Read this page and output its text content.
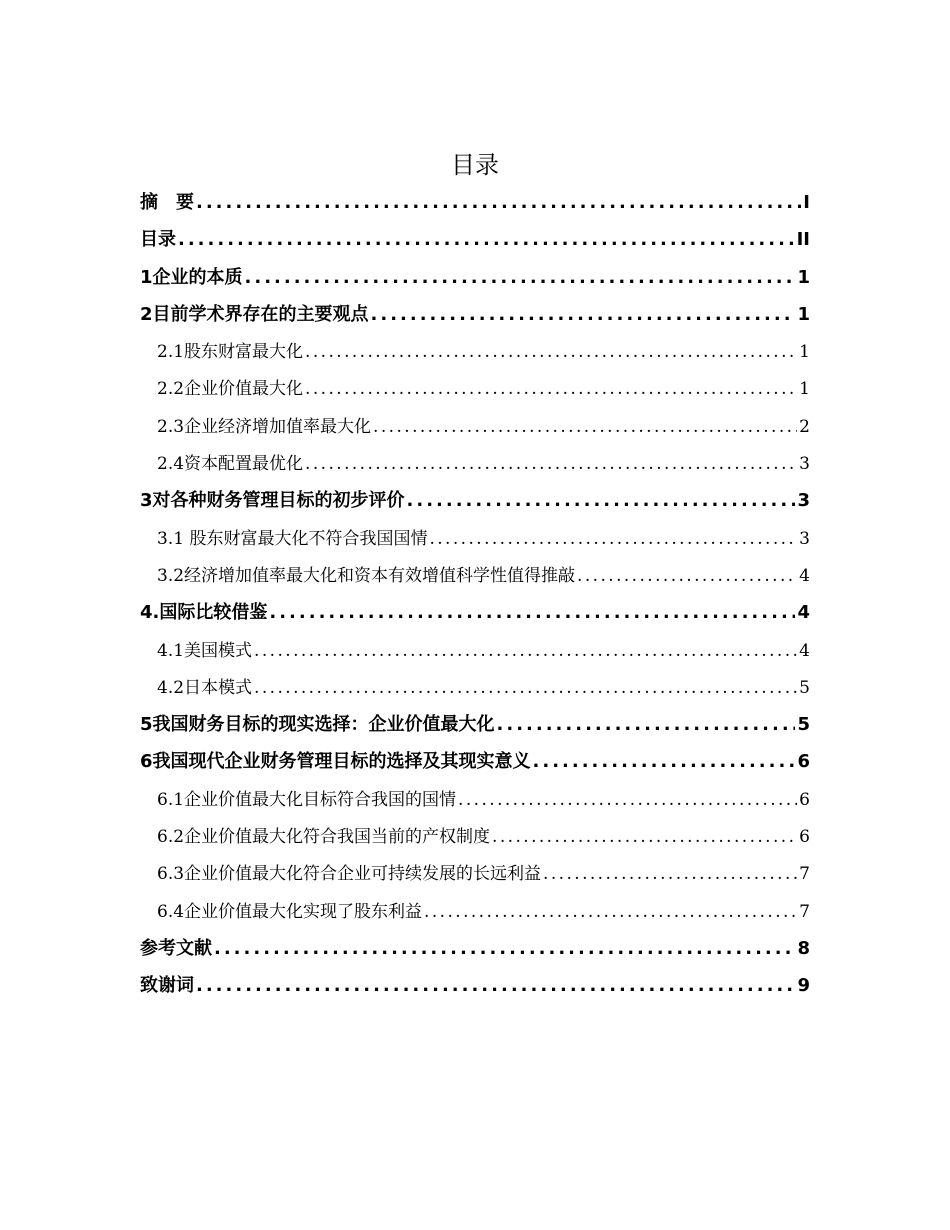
目录
摘　要 .....	I
目录 .....	II
1企业的本质 .....	1
2目前学术界存在的主要观点 .....	1
2.1股东财富最大化 .....	1
2.2企业价值最大化 .....	1
2.3企业经济增加值率最大化 .....	2
2.4资本配置最优化 .....	3
3对各种财务管理目标的初步评价 .....	3
3.1 股东财富最大化不符合我国国情 .....	3
3.2经济增加值率最大化和资本有效增值科学性值得推敲 .....	4
4.国际比较借鉴 .....	4
4.1美国模式 .....	4
4.2日本模式 .....	5
5我国财务目标的现实选择：企业价值最大化 .....	5
6我国现代企业财务管理目标的选择及其现实意义 .....	6
6.1企业价值最大化目标符合我国的国情 .....	6
6.2企业价值最大化符合我国当前的产权制度 .....	6
6.3企业价值最大化符合企业可持续发展的长远利益 .....	7
6.4企业价值最大化实现了股东利益 .....	7
参考文献 .....	8
致谢词 .....	9
